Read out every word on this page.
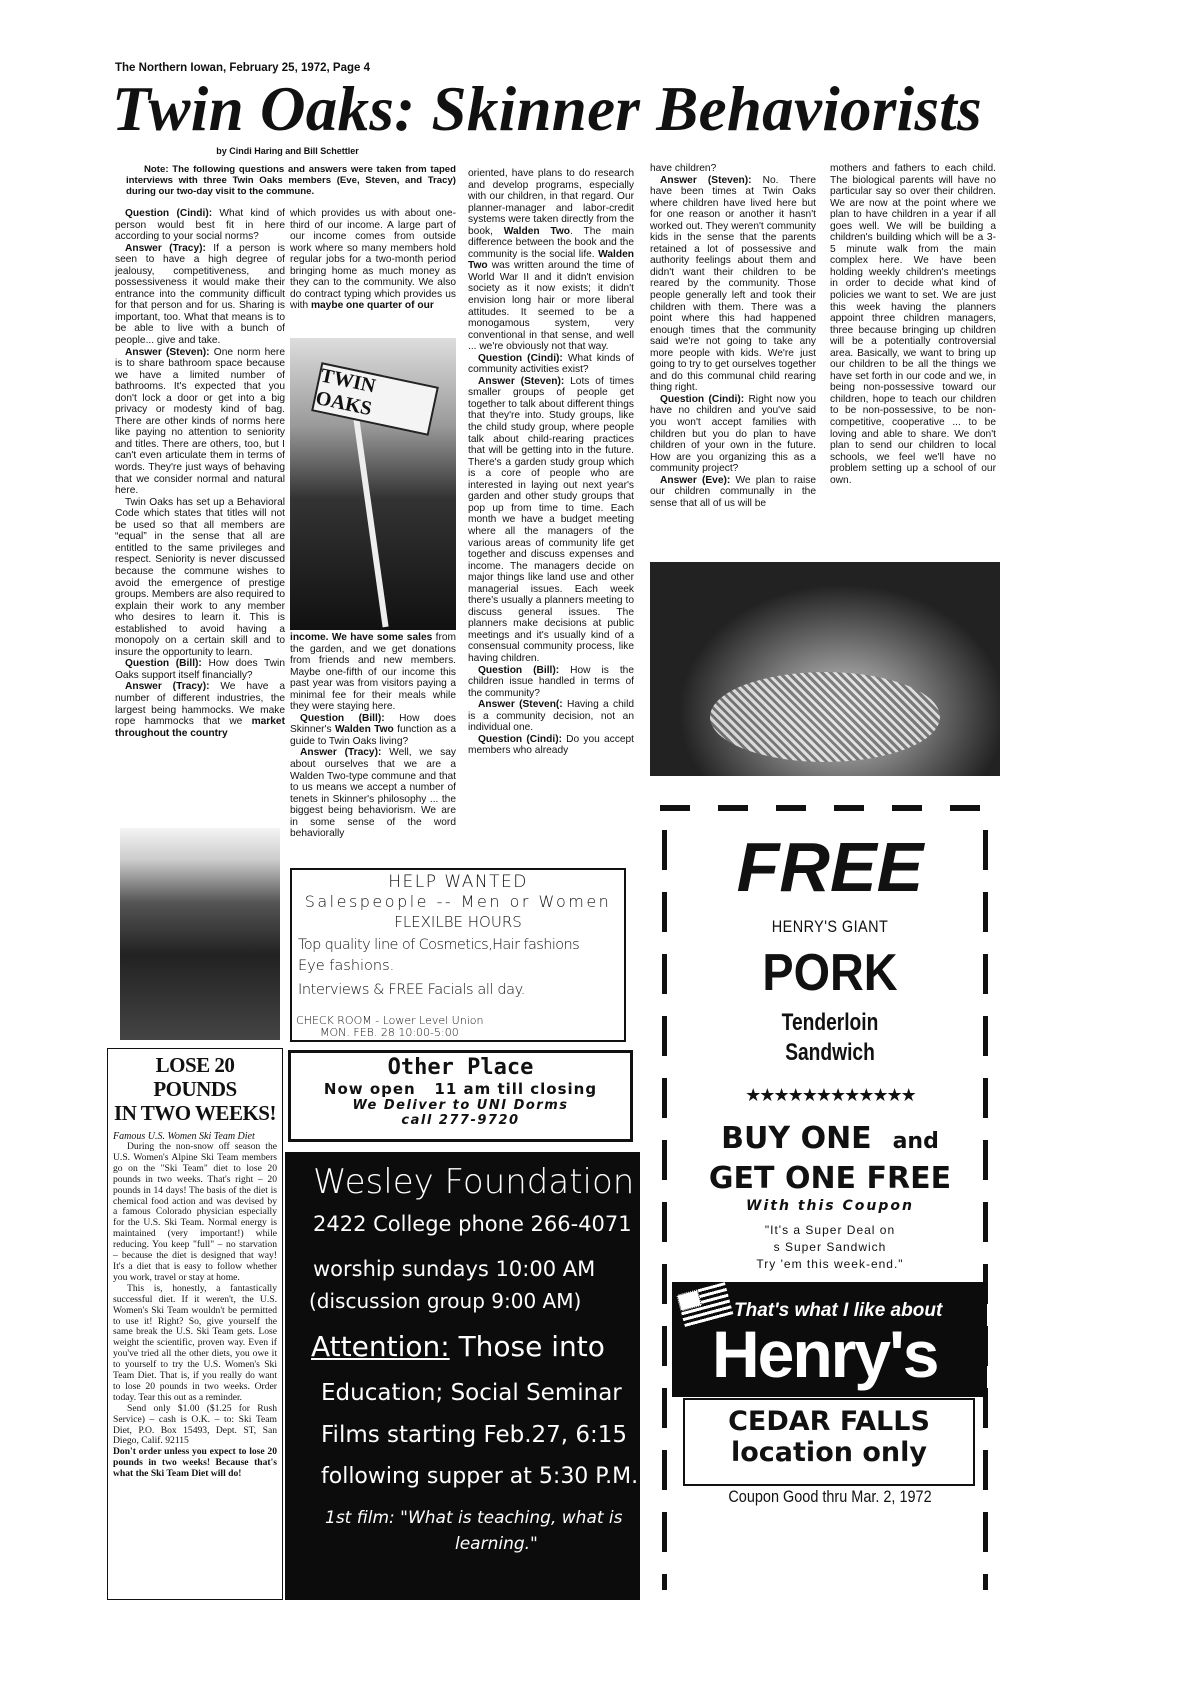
The Northern Iowan, February 25, 1972, Page 4
Twin Oaks: Skinner Behaviorists
by Cindi Haring and Bill Schettler
Note: The following questions and answers were taken from taped interviews with three Twin Oaks members (Eve, Steven, and Tracy) during our two-day visit to the commune.

Question (Cindi): What kind of person would best fit in here according to your social norms?

Answer (Tracy): If a person is seen to have a high degree of jealousy, competitiveness, and possessiveness it would make their entrance into the community difficult for that person and for us. Sharing is important, too. What that means is to be able to live with a bunch of people... give and take.

Answer (Steven): One norm here is to share bathroom space because we have a limited number of bathrooms. It's expected that you don't lock a door or get into a big privacy or modesty kind of bag. There are other kinds of norms here like paying no attention to seniority and titles. There are others, too, but I can't even articulate them in terms of words. They're just ways of behaving that we consider normal and natural here.

Twin Oaks has set up a Behavioral Code which states that titles will not be used so that all members are “equal” in the sense that all are entitled to the same privileges and respect. Seniority is never discussed because the commune wishes to avoid the emergence of prestige groups. Members are also required to explain their work to any member who desires to learn it. This is established to avoid having a monopoly on a certain skill and to insure the opportunity to learn.

Question (Bill): How does Twin Oaks support itself financially?

Answer (Tracy): We have a number of different industries, the largest being hammocks. We make rope hammocks that we market throughout the country

which provides us with about one-third of our income. A large part of our income comes from outside work where so many members hold regular jobs for a two-month period bringing home as much money as they can to the community. We also do contract typing which provides us with maybe one quarter of our

TWIN OAKS

income. We have some sales from the garden, and we get donations from friends and new members. Maybe one-fifth of our income this past year was from visitors paying a minimal fee for their meals while they were staying here.

Question (Bill): How does Skinner's Walden Two function as a guide to Twin Oaks living?

Answer (Tracy): Well, we say about ourselves that we are a Walden Two-type commune and that to us means we accept a number of tenets in Skinner's philosophy ... the biggest being behaviorism. We are in some sense of the word behaviorally

oriented, have plans to do research and develop programs, especially with our children, in that regard. Our planner-manager and labor-credit systems were taken directly from the book, Walden Two. The main difference between the book and the community is the social life. Walden Two was written around the time of World War II and it didn't envision society as it now exists; it didn't envision long hair or more liberal attitudes. It seemed to be a monogamous system, very conventional in that sense, and well ... we're obviously not that way.

Question (Cindi): What kinds of community activities exist?

Answer (Steven): Lots of times smaller groups of people get together to talk about different things that they're into. Study groups, like the child study group, where people talk about child-rearing practices that will be getting into in the future. There's a garden study group which is a core of people who are interested in laying out next year's garden and other study groups that pop up from time to time. Each month we have a budget meeting where all the managers of the various areas of community life get together and discuss expenses and income. The managers decide on major things like land use and other managerial issues. Each week there's usually a planners meeting to discuss general issues. The planners make decisions at public meetings and it's usually kind of a consensual community process, like having children.

Question (Bill): How is the children issue handled in terms of the community?

Answer (Steven(: Having a child is a community decision, not an individual one.

Question (Cindi): Do you accept members who already

have children?

Answer (Steven): No. There have been times at Twin Oaks where children have lived here but for one reason or another it hasn't worked out. They weren't community kids in the sense that the parents retained a lot of possessive and authority feelings about them and didn't want their children to be reared by the community. Those people generally left and took their children with them. There was a point where this had happened enough times that the community said we're not going to take any more people with kids. We're just going to try to get ourselves together and do this communal child rearing thing right.

Question (Cindi): Right now you have no children and you've said you won't accept families with children but you do plan to have children of your own in the future. How are you organizing this as a community project?

Answer (Eve): We plan to raise our children communally in the sense that all of us will be

mothers and fathers to each child. The biological parents will have no particular say so over their children. We are now at the point where we plan to have children in a year if all goes well. We will be building a children's building which will be a 3-5 minute walk from the main complex here. We have been holding weekly children's meetings in order to decide what kind of policies we want to set. We are just this week having the planners appoint three children managers, three because bringing up children will be a potentially controversial area. Basically, we want to bring up our children to be all the things we have set forth in our code and we, in being non-possessive toward our children, hope to teach our children to be non-possessive, to be non-competitive, cooperative ... to be loving and able to share. We don't plan to send our children to local schools, we feel we'll have no problem setting up a school of our own.

LOSE 20 POUNDS
IN TWO WEEKS!
Famous U.S. Women Ski Team Diet

During the non-snow off season the U.S. Women's Alpine Ski Team members go on the "Ski Team" diet to lose 20 pounds in two weeks. That's right – 20 pounds in 14 days! The basis of the diet is chemical food action and was devised by a famous Colorado physician especially for the U.S. Ski Team. Normal energy is maintained (very important!) while reducing. You keep "full" – no starvation – because the diet is designed that way! It's a diet that is easy to follow whether you work, travel or stay at home.

This is, honestly, a fantastically successful diet. If it weren't, the U.S. Women's Ski Team wouldn't be permitted to use it! Right? So, give yourself the same break the U.S. Ski Team gets. Lose weight the scientific, proven way. Even if you've tried all the other diets, you owe it to yourself to try the U.S. Women's Ski Team Diet. That is, if you really do want to lose 20 pounds in two weeks. Order today. Tear this out as a reminder.

Send only $1.00 ($1.25 for Rush Service) – cash is O.K. – to: Ski Team Diet, P.O. Box 15493, Dept. ST, San Diego, Calif. 92115

Don't order unless you expect to lose 20 pounds in two weeks! Because that's what the Ski Team Diet will do!

HELP WANTED
Salespeople -- Men or Women
FLEXILBE HOURS
Top quality line of Cosmetics,Hair fashions
Eye fashions.
Interviews & FREE Facials all day.
CHECK ROOM - Lower Level Union
MON. FEB. 28 10:00-5:00
Other Place
Now open   11 am till closing
We Deliver to UNI Dorms
call 277-9720
Wesley Foundation
2422 College phone 266-4071
worship sundays 10:00 AM
(discussion group 9:00 AM)
Attention: Those into
Education; Social Seminar
Films starting Feb.27, 6:15
following supper at 5:30 P.M.
1st film: "What is teaching, what is
learning."
FREE
HENRY'S GIANT
PORK
Tenderloin
Sandwich
★★★★★★★★★★★★
BUY ONE and
GET ONE FREE
With this Coupon
"It's a Super Deal on
s Super Sandwich
Try 'em this week-end."
Coupon Good thru Mar. 2, 1972
That's what I like about
Henry's
CEDAR FALLS
location only
